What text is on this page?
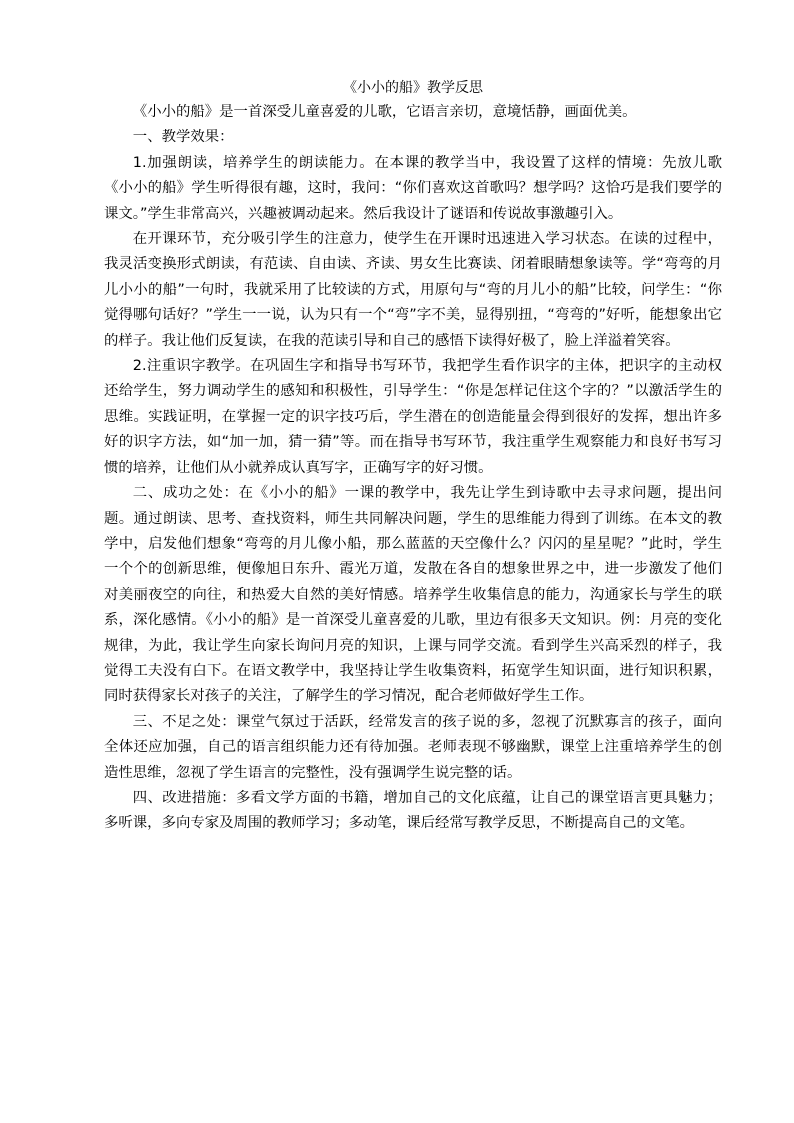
《小小的船》教学反思

《小小的船》是一首深受儿童喜爱的儿歌，它语言亲切，意境恬静，画面优美。

一、教学效果：

1.加强朗读，培养学生的朗读能力。在本课的教学当中，我设置了这样的情境：先放儿歌《小小的船》学生听得很有趣，这时，我问：“你们喜欢这首歌吗？想学吗？这恰巧是我们要学的课文。”学生非常高兴，兴趣被调动起来。然后我设计了谜语和传说故事激趣引入。

在开课环节，充分吸引学生的注意力，使学生在开课时迅速进入学习状态。在读的过程中，我灵活变换形式朗读，有范读、自由读、齐读、男女生比赛读、闭着眼睛想象读等。学“弯弯的月儿小小的船”一句时，我就采用了比较读的方式，用原句与“弯的月儿小的船”比较，问学生：“你觉得哪句话好？”学生一一说，认为只有一个“弯”字不美，显得别扭，“弯弯的”好听，能想象出它的样子。我让他们反复读，在我的范读引导和自己的感悟下读得好极了，脸上洋溢着笑容。

2.注重识字教学。在巩固生字和指导书写环节，我把学生看作识字的主体，把识字的主动权还给学生，努力调动学生的感知和积极性，引导学生：“你是怎样记住这个字的？”以激活学生的思维。实践证明，在掌握一定的识字技巧后，学生潜在的创造能量会得到很好的发挥，想出许多好的识字方法，如“加一加，猜一猜”等。而在指导书写环节，我注重学生观察能力和良好书写习惯的培养，让他们从小就养成认真写字，正确写字的好习惯。

二、成功之处：在《小小的船》一课的教学中，我先让学生到诗歌中去寻求问题，提出问题。通过朗读、思考、查找资料，师生共同解决问题，学生的思维能力得到了训练。在本文的教学中，启发他们想象“弯弯的月儿像小船，那么蓝蓝的天空像什么？闪闪的星星呢？”此时，学生一个个的创新思维，便像旭日东升、霞光万道，发散在各自的想象世界之中，进一步激发了他们对美丽夜空的向往，和热爱大自然的美好情感。培养学生收集信息的能力，沟通家长与学生的联系，深化感情。《小小的船》是一首深受儿童喜爱的儿歌，里边有很多天文知识。例：月亮的变化规律，为此，我让学生向家长询问月亮的知识，上课与同学交流。看到学生兴高采烈的样子，我觉得工夫没有白下。在语文教学中，我坚持让学生收集资料，拓宽学生知识面，进行知识积累，同时获得家长对孩子的关注，了解学生的学习情况，配合老师做好学生工作。

三、不足之处：课堂气氛过于活跃，经常发言的孩子说的多，忽视了沉默寡言的孩子，面向全体还应加强，自己的语言组织能力还有待加强。老师表现不够幽默，课堂上注重培养学生的创造性思维，忽视了学生语言的完整性，没有强调学生说完整的话。

四、改进措施：多看文学方面的书籍，增加自己的文化底蕴，让自己的课堂语言更具魅力；多听课，多向专家及周围的教师学习；多动笔，课后经常写教学反思，不断提高自己的文笔。
